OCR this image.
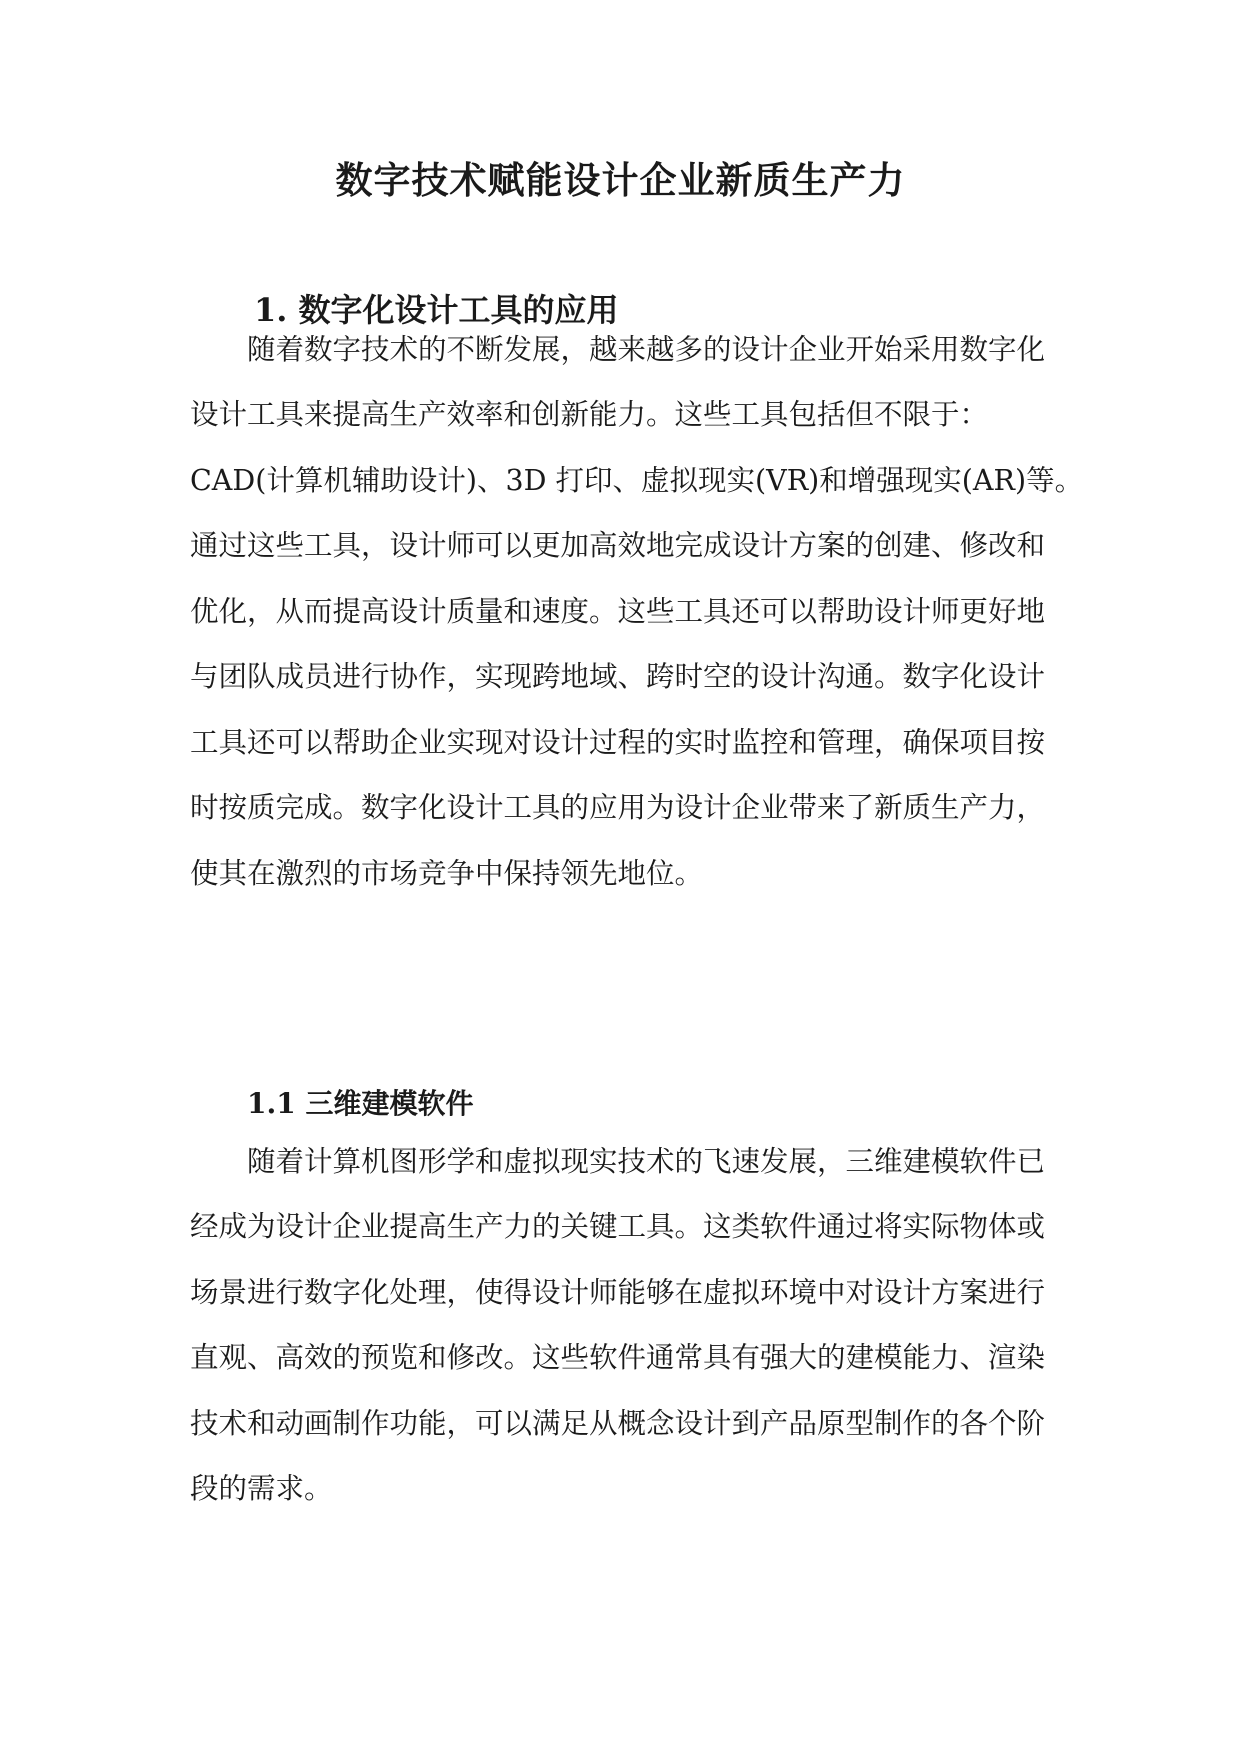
数字技术赋能设计企业新质生产力
1. 数字化设计工具的应用

随着数字技术的不断发展，越来越多的设计企业开始采用数字化

设计工具来提高生产效率和创新能力。这些工具包括但不限于：

CAD(计算机辅助设计)、3D 打印、虚拟现实(VR)和增强现实(AR)等。

通过这些工具，设计师可以更加高效地完成设计方案的创建、修改和

优化，从而提高设计质量和速度。这些工具还可以帮助设计师更好地

与团队成员进行协作，实现跨地域、跨时空的设计沟通。数字化设计

工具还可以帮助企业实现对设计过程的实时监控和管理，确保项目按

时按质完成。数字化设计工具的应用为设计企业带来了新质生产力，

使其在激烈的市场竞争中保持领先地位。

1.1 三维建模软件

随着计算机图形学和虚拟现实技术的飞速发展，三维建模软件已

经成为设计企业提高生产力的关键工具。这类软件通过将实际物体或

场景进行数字化处理，使得设计师能够在虚拟环境中对设计方案进行

直观、高效的预览和修改。这些软件通常具有强大的建模能力、渲染

技术和动画制作功能，可以满足从概念设计到产品原型制作的各个阶

段的需求。
